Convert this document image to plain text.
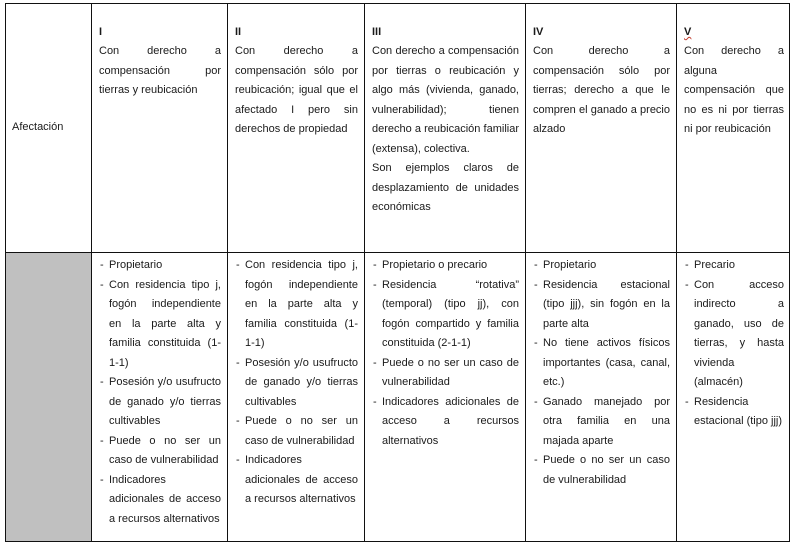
Afectación
I
Con derecho a compensación por tierras y reubicación
II
Con derecho a compensación sólo por reubicación; igual que el afectado I pero sin derechos de propiedad
III
Con derecho a compensación por tierras o reubicación y algo más (vivienda, ganado, vulnerabilidad); tienen derecho a reubicación familiar (extensa), colectiva.
Son ejemplos claros de desplazamiento de unidades económicas
IV
Con derecho a compensación sólo por tierras; derecho a que le compren el ganado a precio alzado
V
Con derecho a alguna compensación que no es ni por tierras ni por reubicación
- Propietario
- Con residencia tipo j, fogón independiente en la parte alta y familia constituida (1-1-1)
- Posesión y/o usufructo de ganado y/o tierras cultivables
- Puede o no ser un caso de vulnerabilidad
- Indicadores adicionales de acceso a recursos alternativos
- Con residencia tipo j, fogón independiente en la parte alta y familia constituida (1-1-1)
- Posesión y/o usufructo de ganado y/o tierras cultivables
- Puede o no ser un caso de vulnerabilidad
- Indicadores adicionales de acceso a recursos alternativos
- Propietario o precario
- Residencia “rotativa” (temporal) (tipo jj), con fogón compartido y familia constituida (2-1-1)
- Puede o no ser un caso de vulnerabilidad
- Indicadores adicionales de acceso a recursos alternativos
- Propietario
- Residencia estacional (tipo jjj), sin fogón en la parte alta
- No tiene activos físicos importantes (casa, canal, etc.)
- Ganado manejado por otra familia en una majada aparte
- Puede o no ser un caso de vulnerabilidad
- Precario
- Con acceso indirecto a ganado, uso de tierras, y hasta vivienda (almacén)
- Residencia estacional (tipo jjj)
